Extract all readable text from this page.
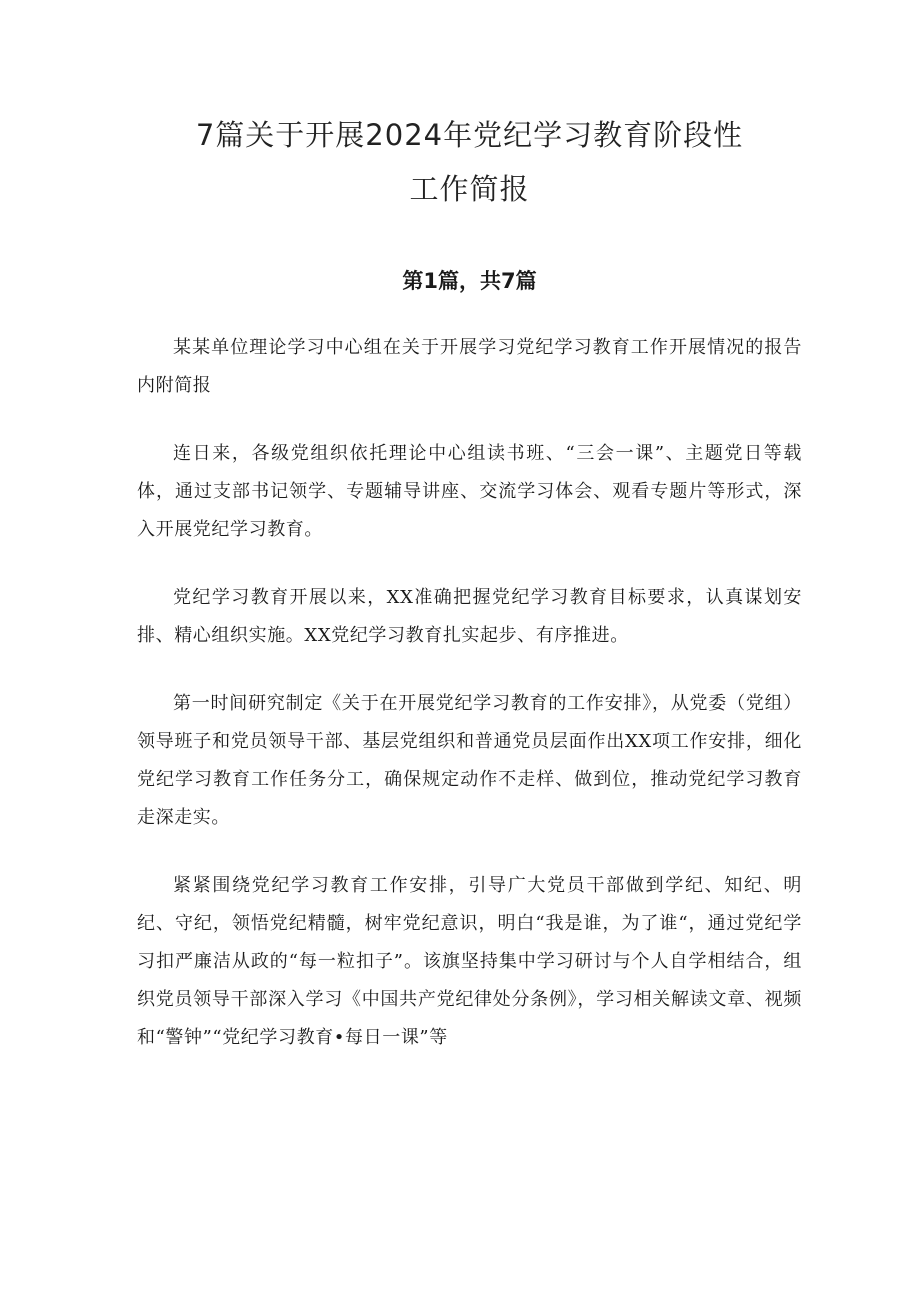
7篇关于开展2024年党纪学习教育阶段性
工作简报
第1篇，共7篇

某某单位理论学习中心组在关于开展学习党纪学习教育工作开展情况的报告内附简报

连日来，各级党组织依托理论中心组读书班、“三会一课”、主题党日等载体，通过支部书记领学、专题辅导讲座、交流学习体会、观看专题片等形式，深入开展党纪学习教育。

党纪学习教育开展以来，XX准确把握党纪学习教育目标要求，认真谋划安排、精心组织实施。XX党纪学习教育扎实起步、有序推进。

第一时间研究制定《关于在开展党纪学习教育的工作安排》，从党委（党组）领导班子和党员领导干部、基层党组织和普通党员层面作出XX项工作安排，细化党纪学习教育工作任务分工，确保规定动作不走样、做到位，推动党纪学习教育走深走实。

紧紧围绕党纪学习教育工作安排，引导广大党员干部做到学纪、知纪、明纪、守纪，领悟党纪精髓，树牢党纪意识，明白“我是谁，为了谁“，通过党纪学习扣严廉洁从政的“每一粒扣子”。该旗坚持集中学习研讨与个人自学相结合，组织党员领导干部深入学习《中国共产党纪律处分条例》，学习相关解读文章、视频和“警钟”“党纪学习教育•每日一课”等
